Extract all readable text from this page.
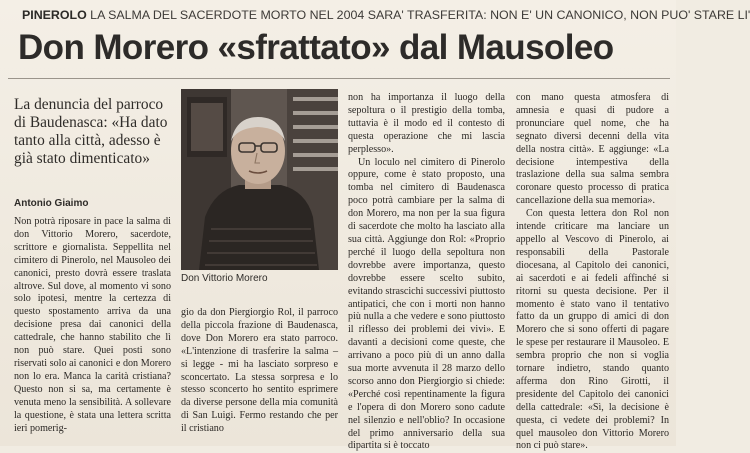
PINEROLO LA SALMA DEL SACERDOTE MORTO NEL 2004 SARA' TRASFERITA: NON E' UN CANONICO, NON PUO' STARE LI'
Don Morero «sfrattato» dal Mausoleo
La denuncia del parroco di Baudenasca: «Ha dato tanto alla città, adesso è già stato dimenticato»
Antonio Giaimo
Don Vittorio Morero

Non potrà riposare in pace la salma di don Vittorio Morero, sacerdote, scrittore e giornalista. Seppellita nel cimitero di Pinerolo, nel Mausoleo dei canonici, presto dovrà essere traslata altrove. Sul dove, al momento vi sono solo ipotesi, mentre la certezza di questo spostamento arriva da una decisione presa dai canonici della cattedrale, che hanno stabilito che lì non può stare. Quei posti sono riservati solo ai canonici e don Morero non lo era. Manca la carità cristiana? Questo non si sa, ma certamente è venuta meno la sensibilità. A sollevare la questione, è stata una lettera scritta ieri pomerig-

gio da don Piergiorgio Rol, il parroco della piccola frazione di Baudenasca, dove Don Morero era stato parroco. «L'intenzione di trasferire la salma – si legge - mi ha lasciato sorpreso e sconcertato. La stessa sorpresa e lo stesso sconcerto ho sentito esprimere da diverse persone della mia comunità di San Luigi. Fermo restando che per il cristiano

non ha importanza il luogo della sepoltura o il prestigio della tomba, tuttavia è il modo ed il contesto di questa operazione che mi lascia perplesso».

Un loculo nel cimitero di Pinerolo oppure, come è stato proposto, una tomba nel cimitero di Baudenasca poco potrà cambiare per la salma di don Morero, ma non per la sua figura di sacerdote che molto ha lasciato alla sua città. Aggiunge don Rol: «Proprio perché il luogo della sepoltura non dovrebbe avere importanza, questo dovrebbe essere scelto subito, evitando strascichi successivi piuttosto antipatici, che con i morti non hanno più nulla a che vedere e sono piuttosto il riflesso dei problemi dei vivi». E davanti a decisioni come queste, che arrivano a poco più di un anno dalla sua morte avvenuta il 28 marzo dello scorso anno don Piergiorgio si chiede: «Perché così repentinamente la figura e l'opera di don Morero sono cadute nel silenzio e nell'oblio? In occasione del primo anniversario della sua dipartita si è toccato

con mano questa atmosfera di amnesia e quasi di pudore a pronunciare quel nome, che ha segnato diversi decenni della vita della nostra città». E aggiunge: «La decisione intempestiva della traslazione della sua salma sembra coronare questo processo di pratica cancellazione della sua memoria».

Con questa lettera don Rol non intende criticare ma lanciare un appello al Vescovo di Pinerolo, ai responsabili della Pastorale diocesana, al Capitolo dei canonici, ai sacerdoti e ai fedeli affinché si ritorni su questa decisione. Per il momento è stato vano il tentativo fatto da un gruppo di amici di don Morero che si sono offerti di pagare le spese per restaurare il Mausoleo. E sembra proprio che non si voglia tornare indietro, stando quanto afferma don Rino Girotti, il presidente del Capitolo dei canonici della cattedrale: «Sì, la decisione è questa, ci vedete dei problemi? In quel mausoleo don Vittorio Morero non ci può stare».
